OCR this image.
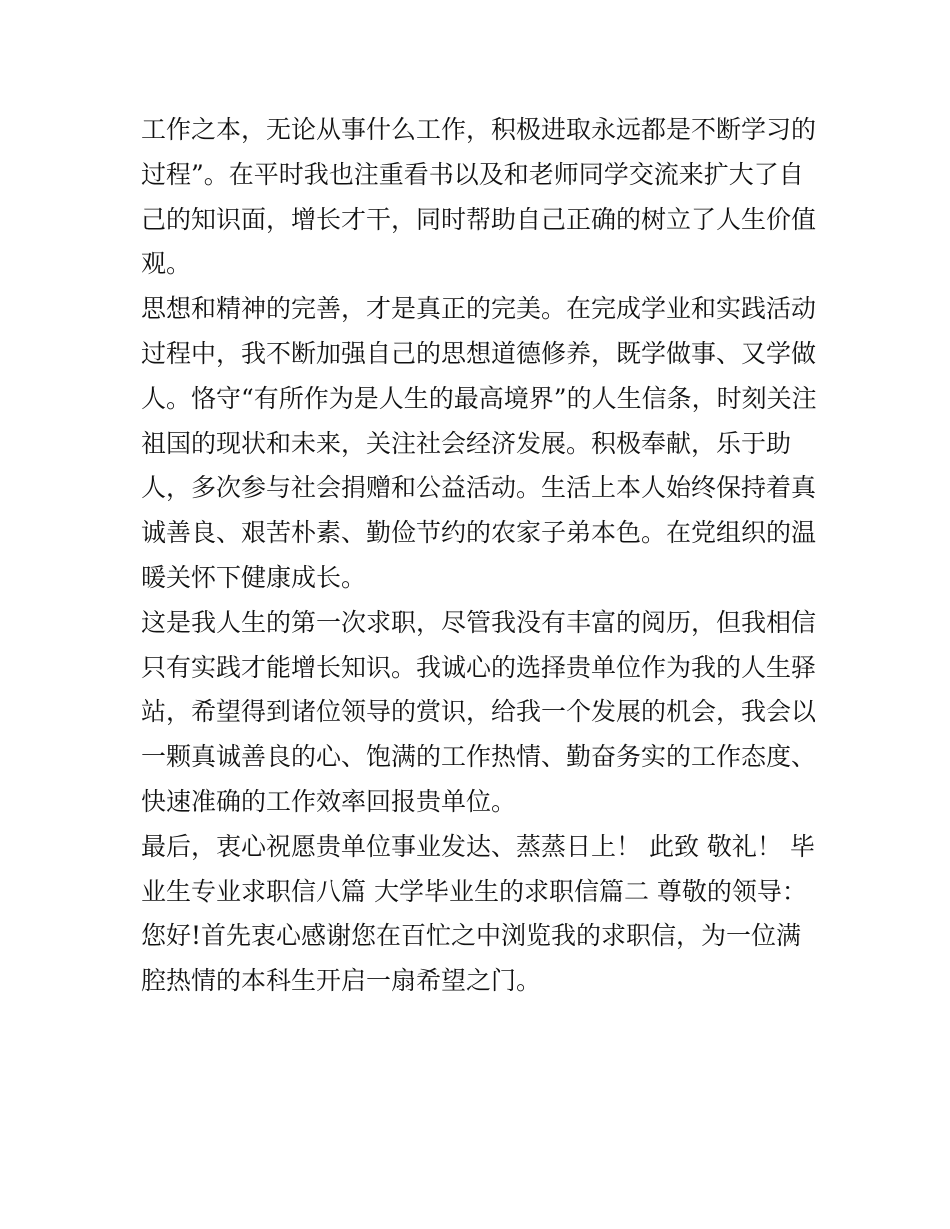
工作之本，无论从事什么工作，积极进取永远都是不断学习的
过程”。在平时我也注重看书以及和老师同学交流来扩大了自
己的知识面，增长才干，同时帮助自己正确的树立了人生价值
观。
思想和精神的完善，才是真正的完美。在完成学业和实践活动
过程中，我不断加强自己的思想道德修养，既学做事、又学做
人。恪守“有所作为是人生的最高境界”的人生信条，时刻关注
祖国的现状和未来，关注社会经济发展。积极奉献，乐于助
人，多次参与社会捐赠和公益活动。生活上本人始终保持着真
诚善良、艰苦朴素、勤俭节约的农家子弟本色。在党组织的温
暖关怀下健康成长。
这是我人生的第一次求职，尽管我没有丰富的阅历，但我相信
只有实践才能增长知识。我诚心的选择贵单位作为我的人生驿
站，希望得到诸位领导的赏识，给我一个发展的机会，我会以
一颗真诚善良的心、饱满的工作热情、勤奋务实的工作态度、
快速准确的工作效率回报贵单位。
最后，衷心祝愿贵单位事业发达、蒸蒸日上！ 此致 敬礼！ 毕
业生专业求职信八篇 大学毕业生的求职信篇二 尊敬的领导：
您好!首先衷心感谢您在百忙之中浏览我的求职信，为一位满
腔热情的本科生开启一扇希望之门。
